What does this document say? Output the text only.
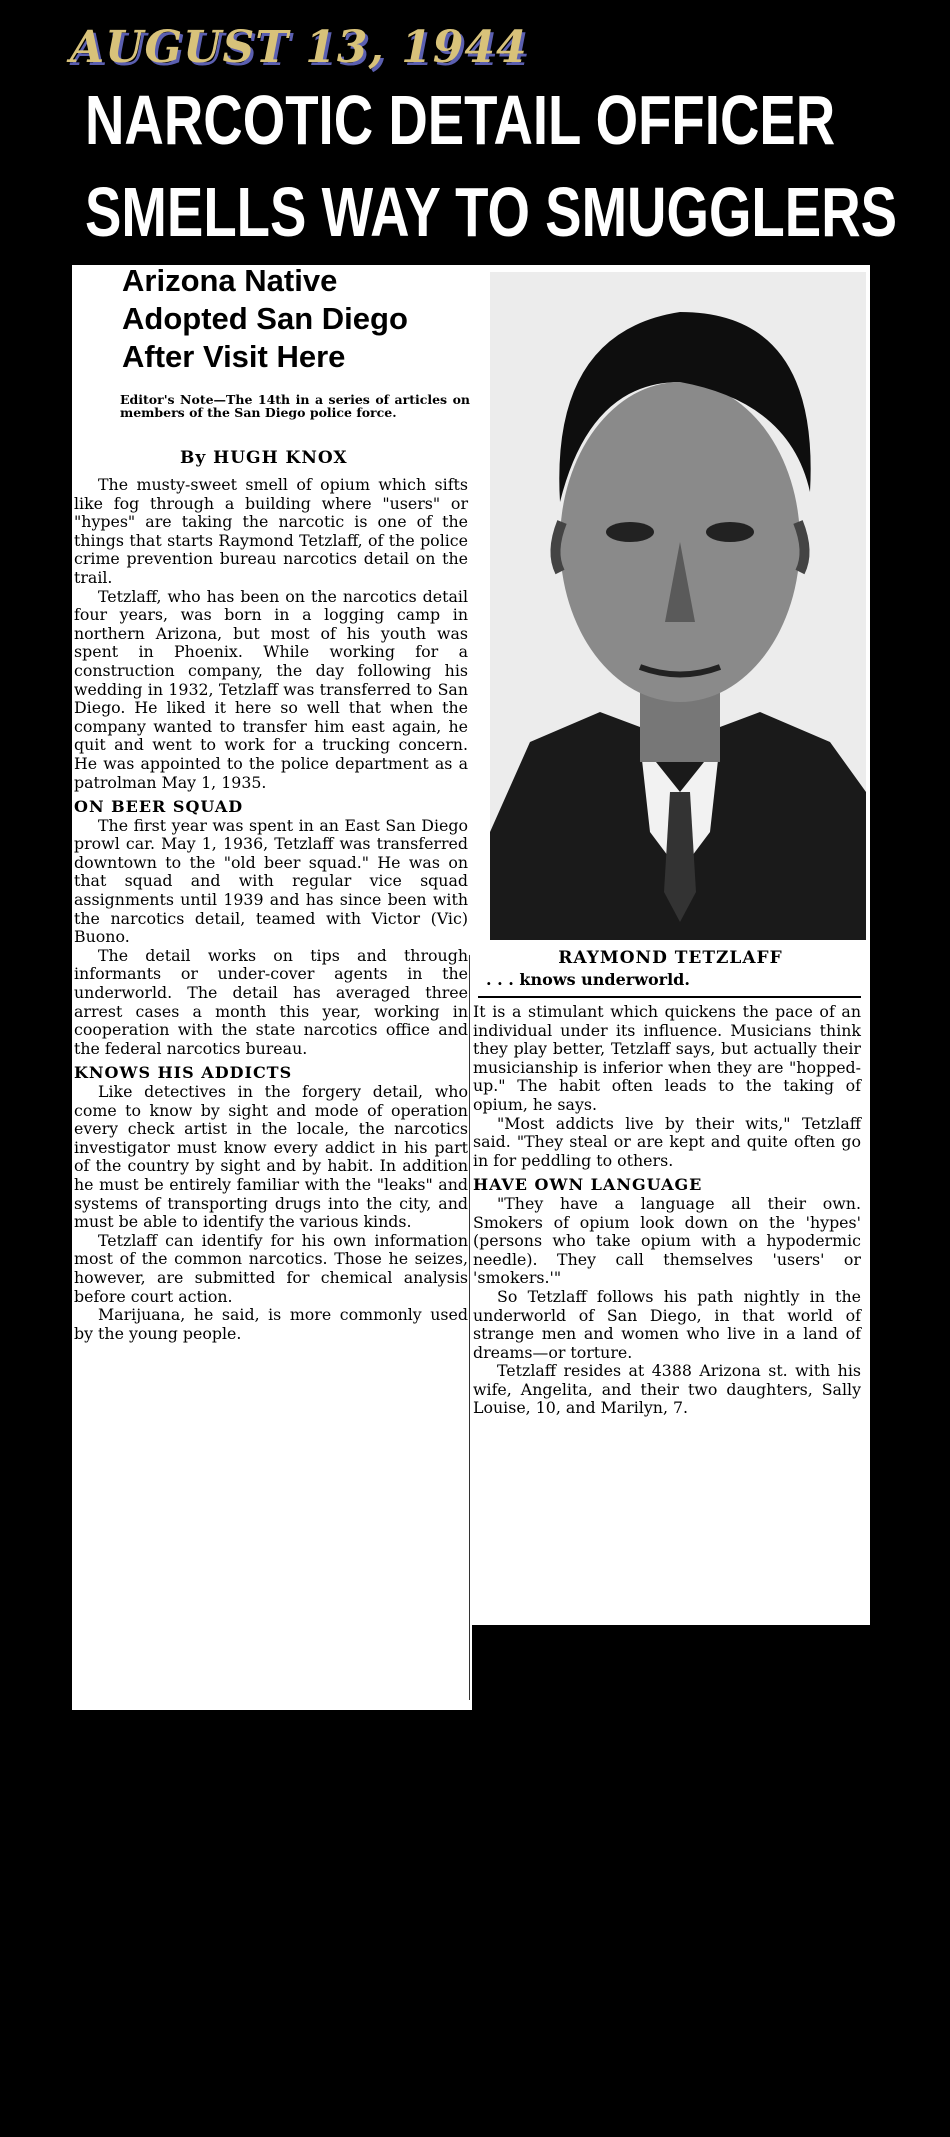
AUGUST 13, 1944
NARCOTIC DETAIL OFFICER
SMELLS WAY TO SMUGGLERS
Arizona Native
Adopted San Diego
After Visit Here
Editor's Note—The 14th in a series of articles on members of the San Diego police force.
By HUGH KNOX

The musty-sweet smell of opium which sifts like fog through a building where "users" or "hypes" are taking the narcotic is one of the things that starts Raymond Tetzlaff, of the police crime prevention bureau narcotics detail on the trail.

Tetzlaff, who has been on the narcotics detail four years, was born in a logging camp in northern Arizona, but most of his youth was spent in Phoenix. While working for a construction company, the day following his wedding in 1932, Tetzlaff was transferred to San Diego. He liked it here so well that when the company wanted to transfer him east again, he quit and went to work for a trucking concern. He was appointed to the police department as a patrolman May 1, 1935.

ON BEER SQUAD

The first year was spent in an East San Diego prowl car. May 1, 1936, Tetzlaff was transferred downtown to the "old beer squad." He was on that squad and with regular vice squad assignments until 1939 and has since been with the narcotics detail, teamed with Victor (Vic) Buono.

The detail works on tips and through informants or under-cover agents in the underworld. The detail has averaged three arrest cases a month this year, working in cooperation with the state narcotics office and the federal narcotics bureau.

KNOWS HIS ADDICTS

Like detectives in the forgery detail, who come to know by sight and mode of operation every check artist in the locale, the narcotics investigator must know every addict in his part of the country by sight and by habit. In addition he must be entirely familiar with the "leaks" and systems of transporting drugs into the city, and must be able to identify the various kinds.

Tetzlaff can identify for his own information most of the common narcotics. Those he seizes, however, are submitted for chemical analysis before court action.

Marijuana, he said, is more commonly used by the young people.

RAYMOND TETZLAFF
. . . knows underworld.

It is a stimulant which quickens the pace of an individual under its influence. Musicians think they play better, Tetzlaff says, but actually their musicianship is inferior when they are "hopped-up." The habit often leads to the taking of opium, he says.

"Most addicts live by their wits," Tetzlaff said. "They steal or are kept and quite often go in for peddling to others.

HAVE OWN LANGUAGE

"They have a language all their own. Smokers of opium look down on the 'hypes' (persons who take opium with a hypodermic needle). They call themselves 'users' or 'smokers.'"

So Tetzlaff follows his path nightly in the underworld of San Diego, in that world of strange men and women who live in a land of dreams—or torture.

Tetzlaff resides at 4388 Arizona st. with his wife, Angelita, and their two daughters, Sally Louise, 10, and Marilyn, 7.
